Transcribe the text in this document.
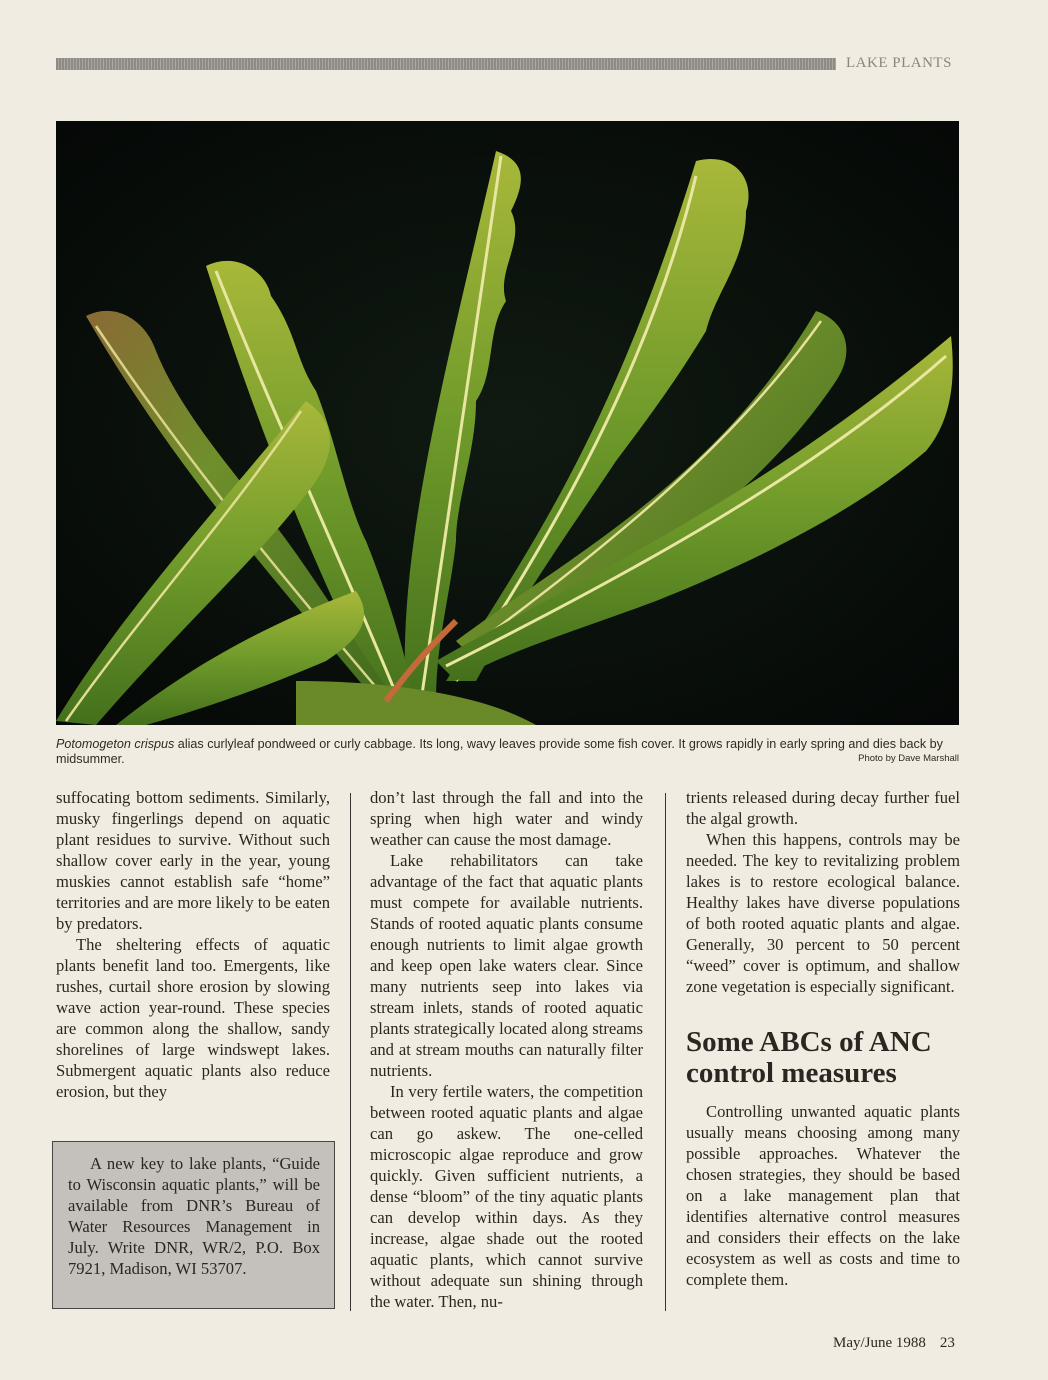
LAKE PLANTS
Potomogeton crispus alias curlyleaf pondweed or curly cabbage. Its long, wavy leaves provide some fish cover. It grows rapidly in early spring and dies back by midsummer.	Photo by Dave Marshall

suffocating bottom sediments. Similarly, musky fingerlings depend on aquatic plant residues to survive. Without such shallow cover early in the year, young muskies cannot establish safe “home” territories and are more likely to be eaten by predators.

The sheltering effects of aquatic plants benefit land too. Emergents, like rushes, curtail shore erosion by slowing wave action year-round. These species are common along the shallow, sandy shorelines of large windswept lakes. Submergent aquatic plants also reduce erosion, but they

A new key to lake plants, “Guide to Wisconsin aquatic plants,” will be available from DNR’s Bureau of Water Resources Management in July. Write DNR, WR/2, P.O. Box 7921, Madison, WI 53707.

don’t last through the fall and into the spring when high water and windy weather can cause the most damage.

Lake rehabilitators can take advantage of the fact that aquatic plants must compete for available nutrients. Stands of rooted aquatic plants consume enough nutrients to limit algae growth and keep open lake waters clear. Since many nutrients seep into lakes via stream inlets, stands of rooted aquatic plants strategically located along streams and at stream mouths can naturally filter nutrients.

In very fertile waters, the competition between rooted aquatic plants and algae can go askew. The one-celled microscopic algae reproduce and grow quickly. Given sufficient nutrients, a dense “bloom” of the tiny aquatic plants can develop within days. As they increase, algae shade out the rooted aquatic plants, which cannot survive without adequate sun shining through the water. Then, nu-

trients released during decay further fuel the algal growth.

When this happens, controls may be needed. The key to revitalizing problem lakes is to restore ecological balance. Healthy lakes have diverse populations of both rooted aquatic plants and algae. Generally, 30 percent to 50 percent “weed” cover is optimum, and shallow zone vegetation is especially significant.

Some ABCs of ANC control measures

Controlling unwanted aquatic plants usually means choosing among many possible approaches. Whatever the chosen strategies, they should be based on a lake management plan that identifies alternative control measures and considers their effects on the lake ecosystem as well as costs and time to complete them.

May/June 1988 23
